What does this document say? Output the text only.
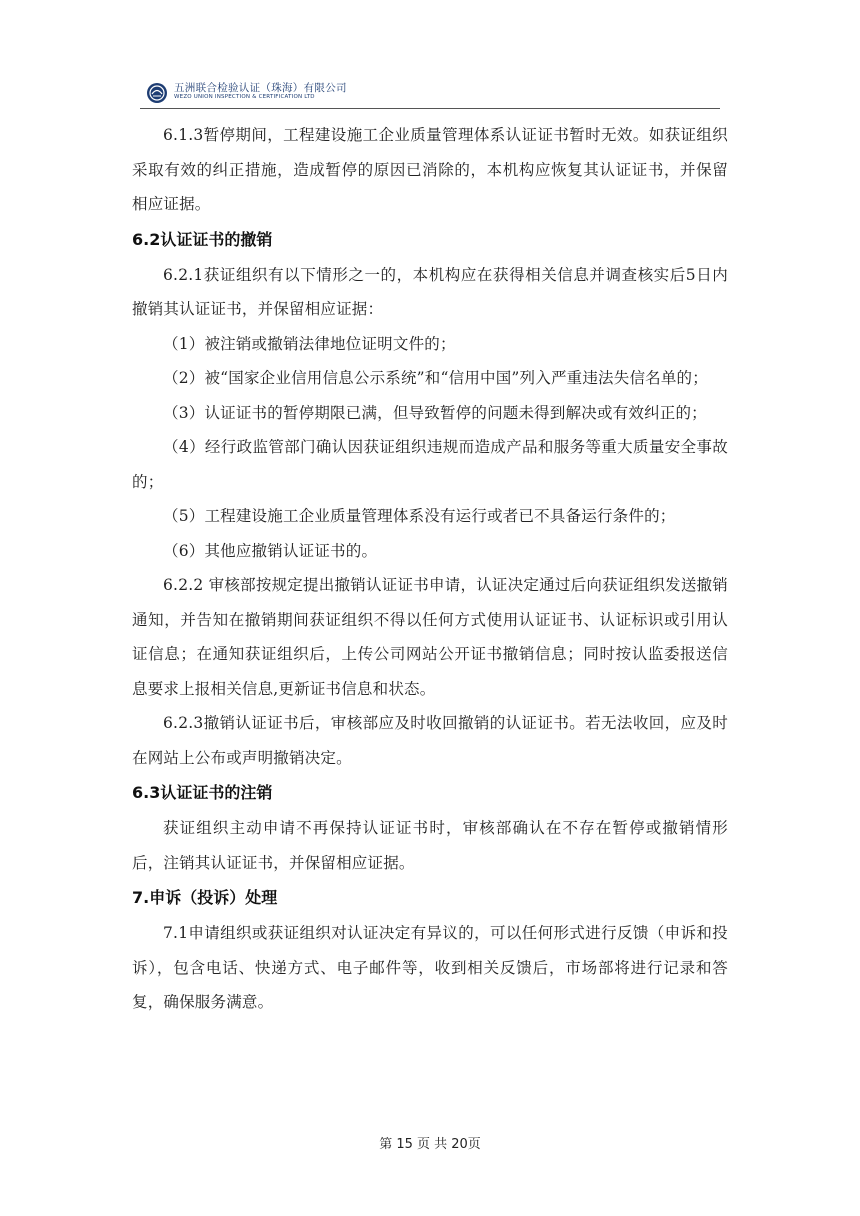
五洲联合检验认证（珠海）有限公司
WEZO UNION INSPECTION & CERTIFICATION LTD

6.1.3暂停期间，工程建设施工企业质量管理体系认证证书暂时无效。如获证组织采取有效的纠正措施，造成暂停的原因已消除的，本机构应恢复其认证证书，并保留相应证据。

6.2认证证书的撤销

6.2.1获证组织有以下情形之一的，本机构应在获得相关信息并调查核实后5日内撤销其认证证书，并保留相应证据：

（1）被注销或撤销法律地位证明文件的；

（2）被“国家企业信用信息公示系统”和“信用中国”列入严重违法失信名单的；

（3）认证证书的暂停期限已满，但导致暂停的问题未得到解决或有效纠正的；

（4）经行政监管部门确认因获证组织违规而造成产品和服务等重大质量安全事故的；

（5）工程建设施工企业质量管理体系没有运行或者已不具备运行条件的；

（6）其他应撤销认证证书的。

6.2.2 审核部按规定提出撤销认证证书申请，认证决定通过后向获证组织发送撤销通知，并告知在撤销期间获证组织不得以任何方式使用认证证书、认证标识或引用认证信息；在通知获证组织后，上传公司网站公开证书撤销信息；同时按认监委报送信息要求上报相关信息,更新证书信息和状态。

6.2.3撤销认证证书后，审核部应及时收回撤销的认证证书。若无法收回，应及时在网站上公布或声明撤销决定。

6.3认证证书的注销

获证组织主动申请不再保持认证证书时，审核部确认在不存在暂停或撤销情形后，注销其认证证书，并保留相应证据。

7.申诉（投诉）处理

7.1申请组织或获证组织对认证决定有异议的，可以任何形式进行反馈（申诉和投诉），包含电话、快递方式、电子邮件等，收到相关反馈后，市场部将进行记录和答复，确保服务满意。

第 15 页 共 20页
